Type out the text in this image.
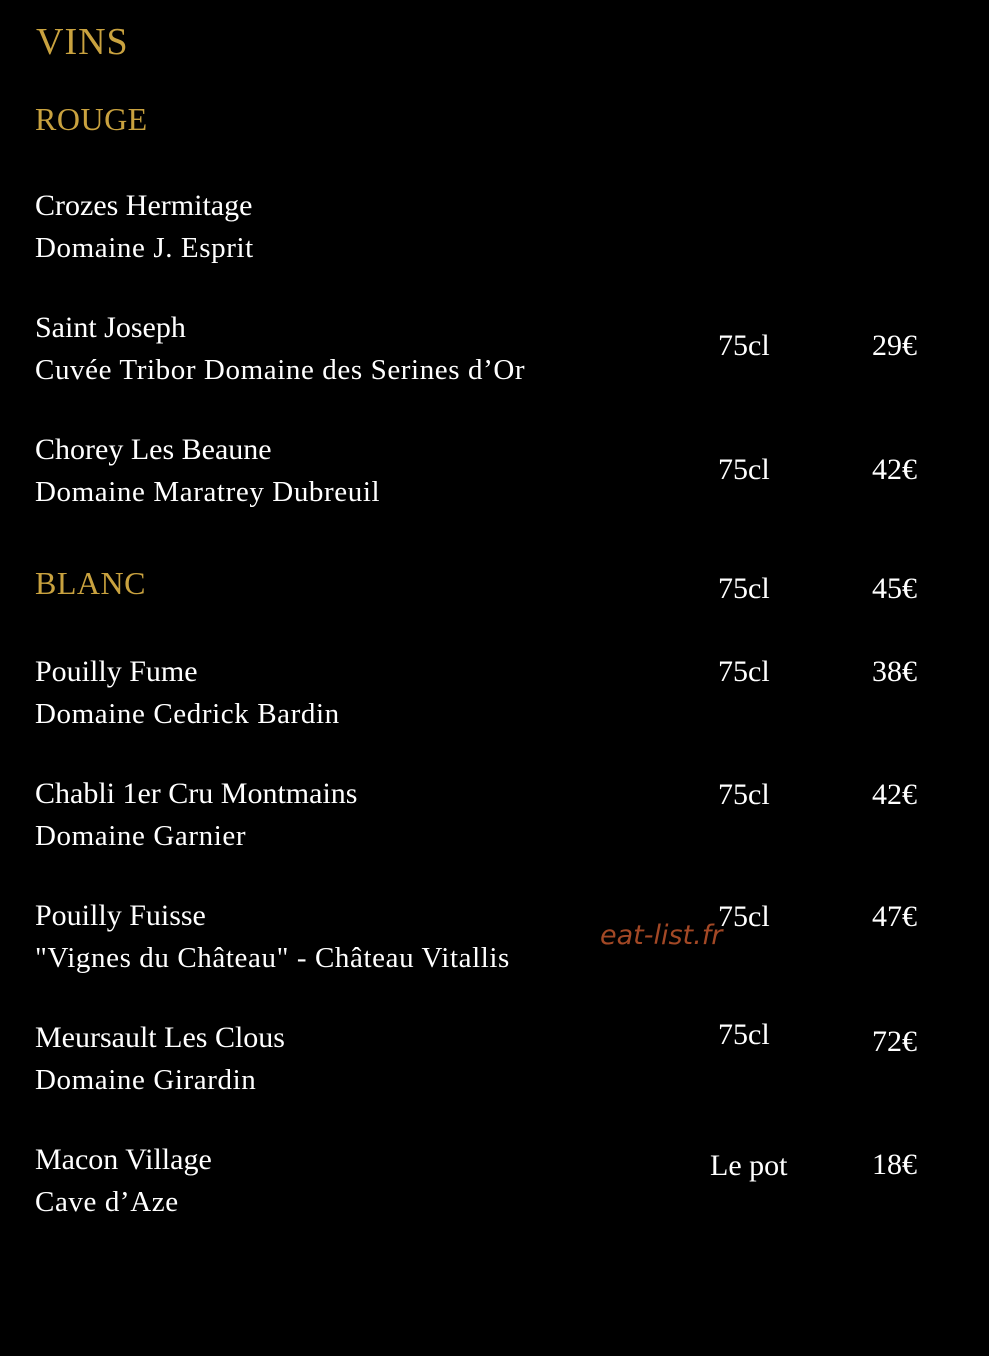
VINS
ROUGE
Crozes Hermitage
Domaine J. Esprit
Saint Joseph
Cuvée Tribor Domaine des Serines d’Or
75cl	29€
Chorey Les Beaune
Domaine Maratrey Dubreuil
75cl	42€
BLANC	75cl	45€
Pouilly Fume
Domaine Cedrick Bardin
75cl	38€
Chabli 1er Cru Montmains
Domaine Garnier
75cl	42€
Pouilly Fuisse
"Vignes du Château" - Château Vitallis
75cl	47€
Meursault Les Clous
Domaine Girardin
75cl	72€
Macon Village
Cave d’Aze
Le pot	18€
eat-list.fr
